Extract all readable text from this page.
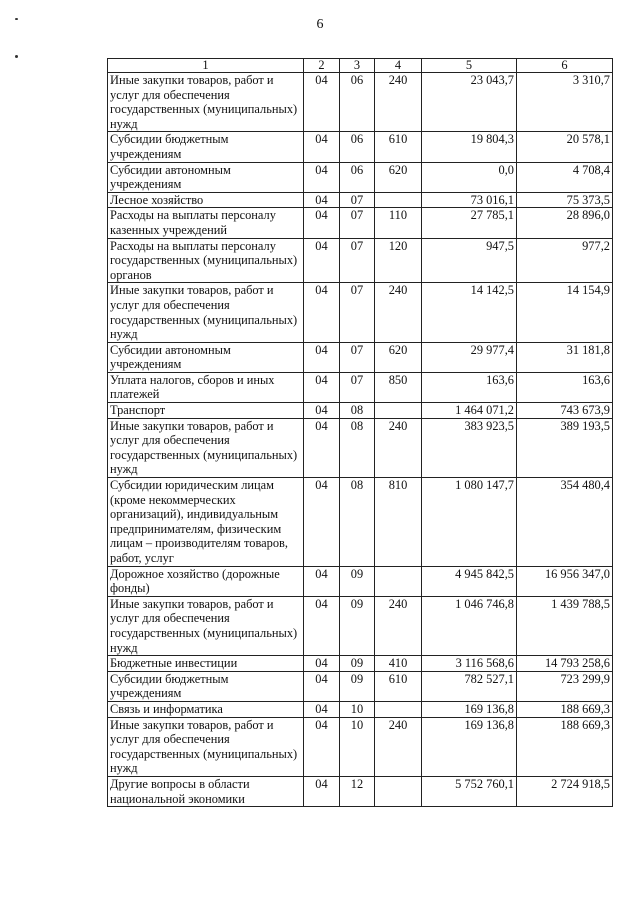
6
1	2	3	4	5	6
Иные закупки товаров, работ и услуг для обеспечения государственных (муниципальных) нужд	04	06	240	23 043,7	3 310,7
Субсидии бюджетным учреждениям	04	06	610	19 804,3	20 578,1
Субсидии автономным учреждениям	04	06	620	0,0	4 708,4
Лесное хозяйство	04	07		73 016,1	75 373,5
Расходы на выплаты персоналу казенных учреждений	04	07	110	27 785,1	28 896,0
Расходы на выплаты персоналу государственных (муниципальных) органов	04	07	120	947,5	977,2
Иные закупки товаров, работ и услуг для обеспечения государственных (муниципальных) нужд	04	07	240	14 142,5	14 154,9
Субсидии автономным учреждениям	04	07	620	29 977,4	31 181,8
Уплата налогов, сборов и иных платежей	04	07	850	163,6	163,6
Транспорт	04	08		1 464 071,2	743 673,9
Иные закупки товаров, работ и услуг для обеспечения государственных (муниципальных) нужд	04	08	240	383 923,5	389 193,5
Субсидии юридическим лицам (кроме некоммерческих организаций), индивидуальным предпринимателям, физическим лицам – производителям товаров, работ, услуг	04	08	810	1 080 147,7	354 480,4
Дорожное хозяйство (дорожные фонды)	04	09		4 945 842,5	16 956 347,0
Иные закупки товаров, работ и услуг для обеспечения государственных (муниципальных) нужд	04	09	240	1 046 746,8	1 439 788,5
Бюджетные инвестиции	04	09	410	3 116 568,6	14 793 258,6
Субсидии бюджетным учреждениям	04	09	610	782 527,1	723 299,9
Связь и информатика	04	10		169 136,8	188 669,3
Иные закупки товаров, работ и услуг для обеспечения государственных (муниципальных) нужд	04	10	240	169 136,8	188 669,3
Другие вопросы в области национальной экономики	04	12		5 752 760,1	2 724 918,5
